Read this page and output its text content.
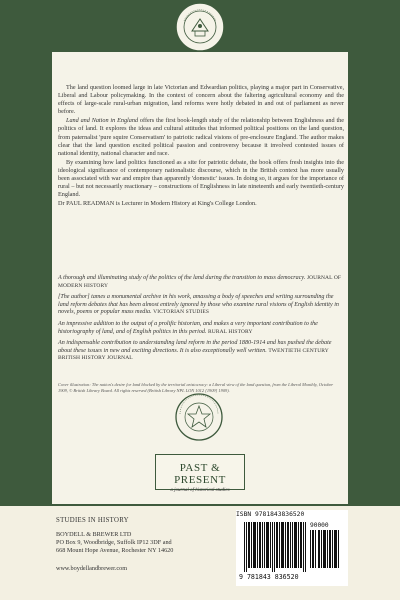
The land question loomed large in late Victorian and Edwardian politics, playing a major part in Conservative, Liberal and Labour policymaking. In the context of concern about the faltering agricultural economy and the effects of large-scale rural-urban migration, land reforms were hotly debated in and out of parliament as never before.

Land and Nation in England offers the first book-length study of the relationship between Englishness and the politics of land. It explores the ideas and cultural attitudes that informed political positions on the land question, from paternalist 'pure squire Conservatism' to patriotic radical visions of pre-enclosure England. The author makes clear that the land question excited political passion and controversy because it involved contested issues of national identity, national character and race.

By examining how land politics functioned as a site for patriotic debate, the book offers fresh insights into the ideological significance of contemporary nationalistic discourse, which in the British context has more usually been associated with war and empire than apparently 'domestic' issues. In doing so, it argues for the importance of rural – but not necessarily reactionary – constructions of Englishness in late nineteenth and early twentieth-century England.

Dr PAUL READMAN is Lecturer in Modern History at King's College London.

A thorough and illuminating study of the politics of the land during the transition to mass democracy. JOURNAL OF MODERN HISTORY

[The author] tames a monumental archive in his work, amassing a body of speeches and writing surrounding the land reform debates that has been almost entirely ignored by those who examine rural visions of English identity in novels, poems or popular mass media. VICTORIAN STUDIES

An impressive addition to the output of a prolific historian, and makes a very important contribution to the historiography of land, and of English politics in this period. RURAL HISTORY

An indispensable contribution to understanding land reform in the period 1880-1914 and has pushed the debate about these issues in new and exciting directions. It is also exceptionally well written. TWENTIETH CENTURY BRITISH HISTORY JOURNAL

Cover illustration: The nation's desire for land blocked by the territorial aristocracy: a Liberal view of the land question, from the Liberal Monthly, October 1909, © British Library Board. All rights reserved (British Library NPL LON 1012 [1909] 1909).
PAST & PRESENT
a journal of historical studies
STUDIES IN HISTORY
BOYDELL & BREWER LTD
PO Box 9, Woodbridge, Suffolk IP12 3DF and
668 Mount Hope Avenue, Rochester NY 14620
www.boydellandbrewer.com
ISBN 9781843836520
90000
9 781843 836520
